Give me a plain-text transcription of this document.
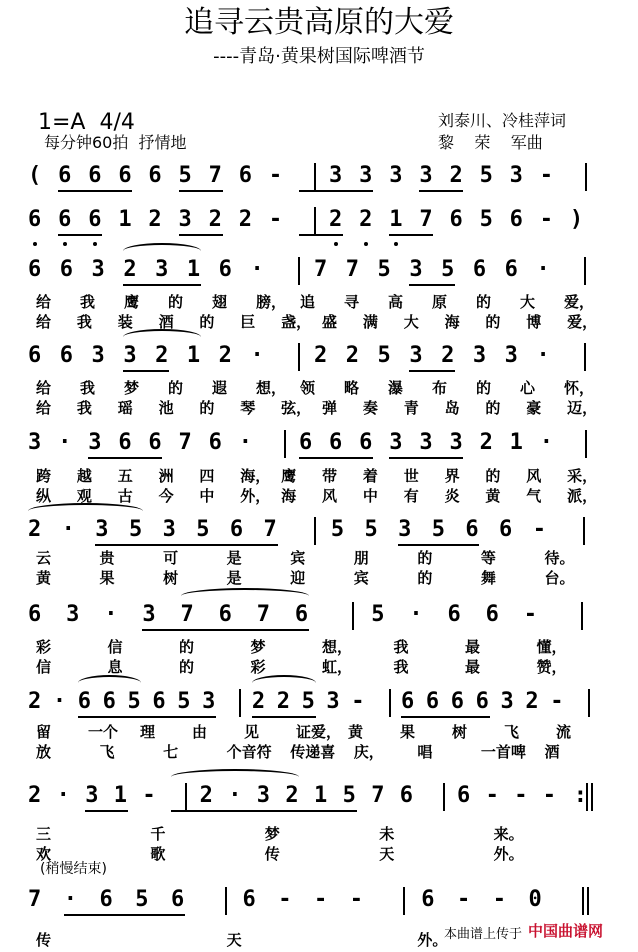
追寻云贵高原的大爱
----青岛·黄果树国际啤酒节
1=A  4/4
每分钟60拍  抒情地
刘泰川、冷桂萍词
黎    荣    军曲
( 6 6 6 6 5 7 6 - 3 3 3 3 2 5 3 -
6 6 6 1 2 3 2 2 - 2 2 1 7 6 5 6 - )
6 6 3 2 3 1 6 · 7 7 5 3 5 6 6 ·
6 6 3 3 2 1 2 · 2 2 5 3 2 3 3 ·
3 · 3 6 6 7 6 · 6 6 6 3 3 3 2 1 ·
2 · 3 5 3 5 6 7 5 5 3 5 6 6 -
6 3 · 3 7 6 7 6	5 · 6 6 -
2 · 6 6 5 6 5 3 2 2 5 3 - 6 6 6 6 3 2 -
2 · 3 1 - 2 · 3 2 1 5 7 6 6 - - - :
7 · 6 5 6	6 - - -	6 - - 0
给 我 鹰 的 翅 膀， 追 寻 高 原 的 大 爱，
给 我 装 酒 的 巨 盏， 盛 满 大 海 的 博 爱，
给 我 梦 的 遐 想， 领 略 瀑 布 的 心 怀，
给 我 瑶 池 的 琴 弦， 弹 奏 青 岛 的 豪 迈，
跨 越 五 洲 四 海， 鹰 带 着 世 界 的 风 采，
纵 观 古 今 中 外， 海 风 中 有 炎 黄 气 派，
云	贵	可	是	宾	朋	的	等	待。
黄	果	树	是	迎	宾	的	舞	台。
彩	信	的	梦	想，	我	最	懂，
信	息	的	彩	虹，	我	最	赞，
留 一个 理 由 见 证爱， 黄 果 树 飞 流
放	飞	七	个音符 传递喜 庆， 唱	一首啤 酒
三	千	梦	未	来。
欢	歌	传	天	外。
传	天	外。
(稍慢结束)
本曲谱上传于 中国曲谱网
